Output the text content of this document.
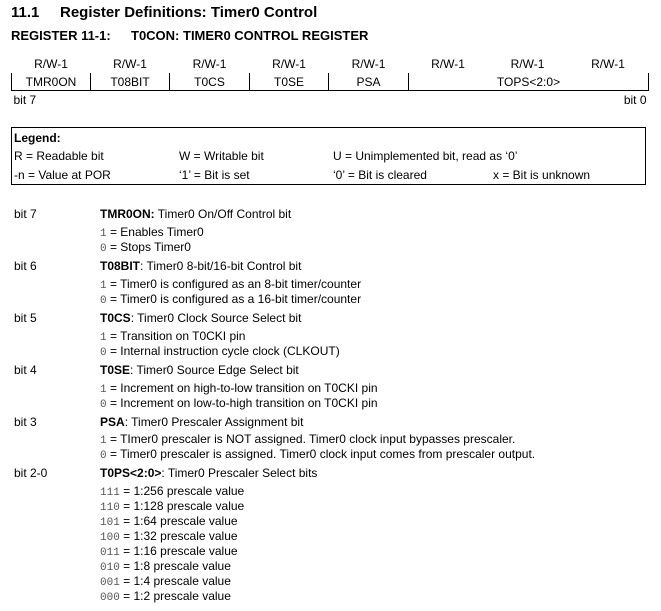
11.1 Register Definitions: Timer0 Control
REGISTER 11-1: T0CON: TIMER0 CONTROL REGISTER
R/W-1	R/W-1	R/W-1	R/W-1	R/W-1	R/W-1	R/W-1	R/W-1
TMR0ON	T08BIT	T0CS	T0SE	PSA	TOPS<2:0>		
bit 7				bit 0			
Legend:
R = Readable bit	W = Writable bit	U = Unimplemented bit, read as ‘0’
-n = Value at POR	‘1’ = Bit is set	‘0’ = Bit is cleared	x = Bit is unknown
bit 7	TMR0ON: Timer0 On/Off Control bit
1 = Enables Timer0
0 = Stops Timer0
bit 6	T08BIT: Timer0 8-bit/16-bit Control bit
1 = Timer0 is configured as an 8-bit timer/counter
0 = Timer0 is configured as a 16-bit timer/counter
bit 5	T0CS: Timer0 Clock Source Select bit
1 = Transition on T0CKI pin
0 = Internal instruction cycle clock (CLKOUT)
bit 4	T0SE: Timer0 Source Edge Select bit
1 = Increment on high-to-low transition on T0CKI pin
0 = Increment on low-to-high transition on T0CKI pin
bit 3	PSA: Timer0 Prescaler Assignment bit
1 = TImer0 prescaler is NOT assigned. Timer0 clock input bypasses prescaler.
0 = Timer0 prescaler is assigned. Timer0 clock input comes from prescaler output.
bit 2-0	T0PS<2:0>: Timer0 Prescaler Select bits
111 = 1:256 prescale value
110 = 1:128 prescale value
101 = 1:64 prescale value
100 = 1:32 prescale value
011 = 1:16 prescale value
010 = 1:8 prescale value
001 = 1:4 prescale value
000 = 1:2 prescale value
